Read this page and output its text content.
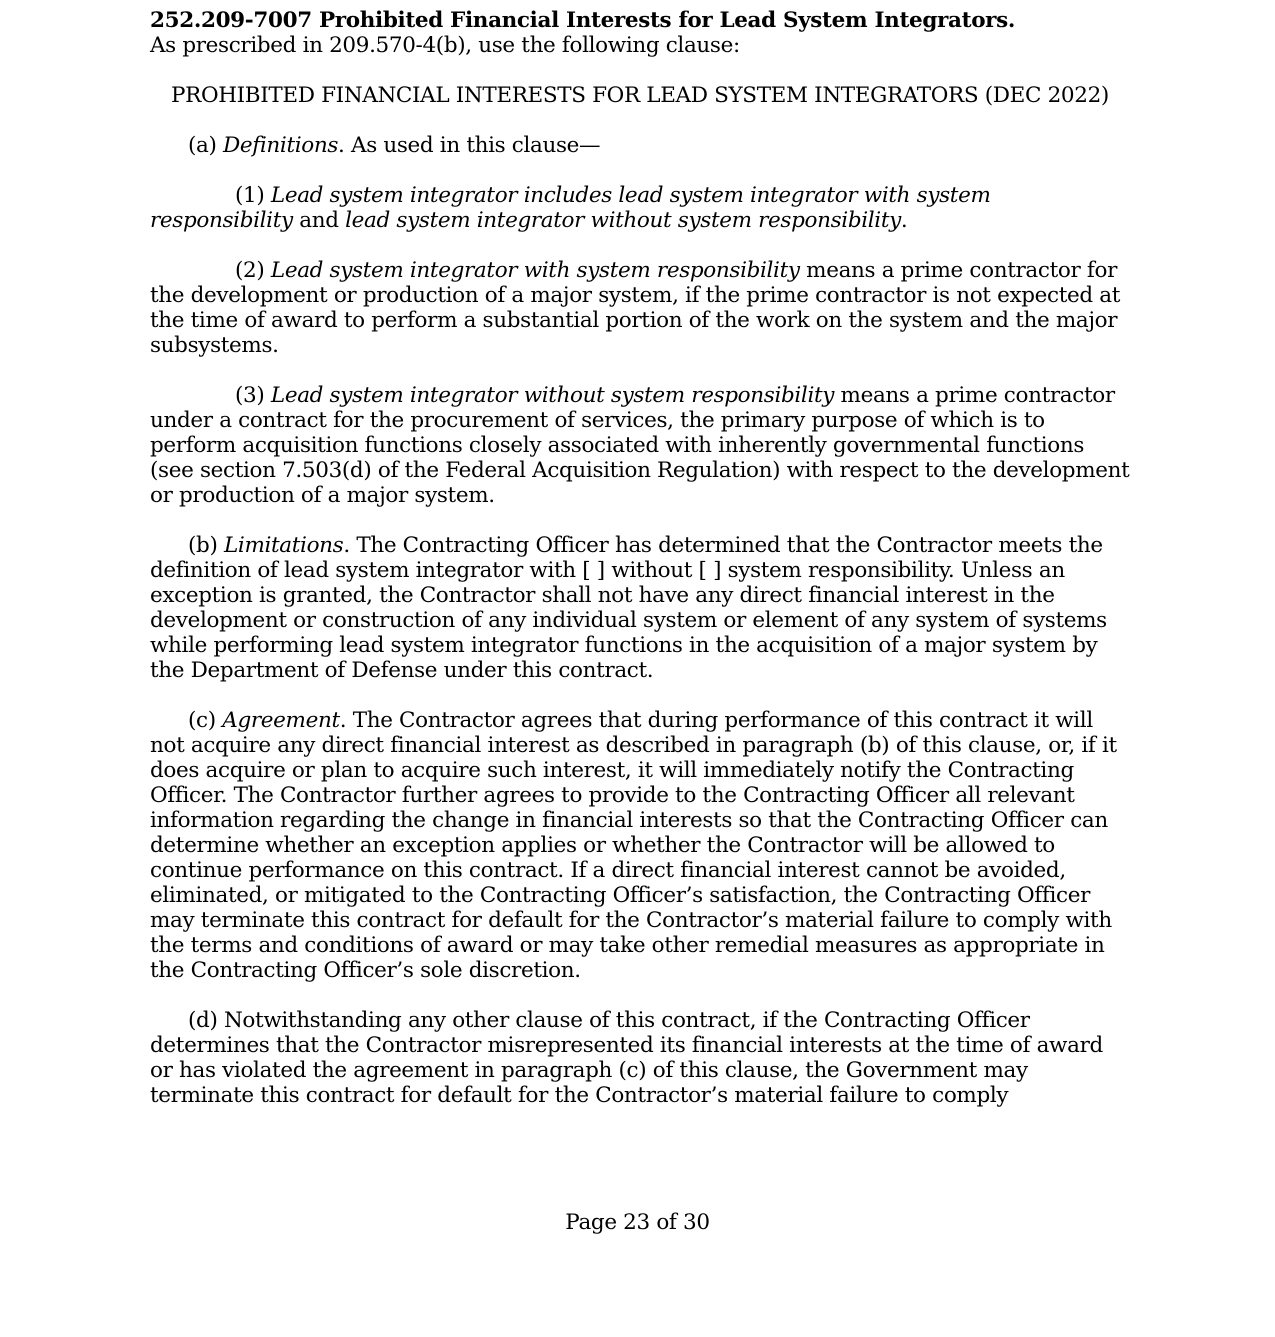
252.209-7007 Prohibited Financial Interests for Lead System Integrators.

As prescribed in 209.570-4(b), use the following clause:

PROHIBITED FINANCIAL INTERESTS FOR LEAD SYSTEM INTEGRATORS (DEC 2022)

(a) Definitions. As used in this clause—

(1) Lead system integrator includes lead system integrator with system responsibility and lead system integrator without system responsibility.

(2) Lead system integrator with system responsibility means a prime contractor for the development or production of a major system, if the prime contractor is not expected at the time of award to perform a substantial portion of the work on the system and the major subsystems.

(3) Lead system integrator without system responsibility means a prime contractor under a contract for the procurement of services, the primary purpose of which is to perform acquisition functions closely associated with inherently governmental functions (see section 7.503(d) of the Federal Acquisition Regulation) with respect to the development or production of a major system.

(b) Limitations. The Contracting Officer has determined that the Contractor meets the definition of lead system integrator with [ ] without [ ] system responsibility. Unless an exception is granted, the Contractor shall not have any direct financial interest in the development or construction of any individual system or element of any system of systems while performing lead system integrator functions in the acquisition of a major system by the Department of Defense under this contract.

(c) Agreement. The Contractor agrees that during performance of this contract it will not acquire any direct financial interest as described in paragraph (b) of this clause, or, if it does acquire or plan to acquire such interest, it will immediately notify the Contracting Officer. The Contractor further agrees to provide to the Contracting Officer all relevant information regarding the change in financial interests so that the Contracting Officer can determine whether an exception applies or whether the Contractor will be allowed to continue performance on this contract. If a direct financial interest cannot be avoided, eliminated, or mitigated to the Contracting Officer’s satisfaction, the Contracting Officer may terminate this contract for default for the Contractor’s material failure to comply with the terms and conditions of award or may take other remedial measures as appropriate in the Contracting Officer’s sole discretion.

(d) Notwithstanding any other clause of this contract, if the Contracting Officer determines that the Contractor misrepresented its financial interests at the time of award or has violated the agreement in paragraph (c) of this clause, the Government may terminate this contract for default for the Contractor’s material failure to comply

Page 23 of 30
